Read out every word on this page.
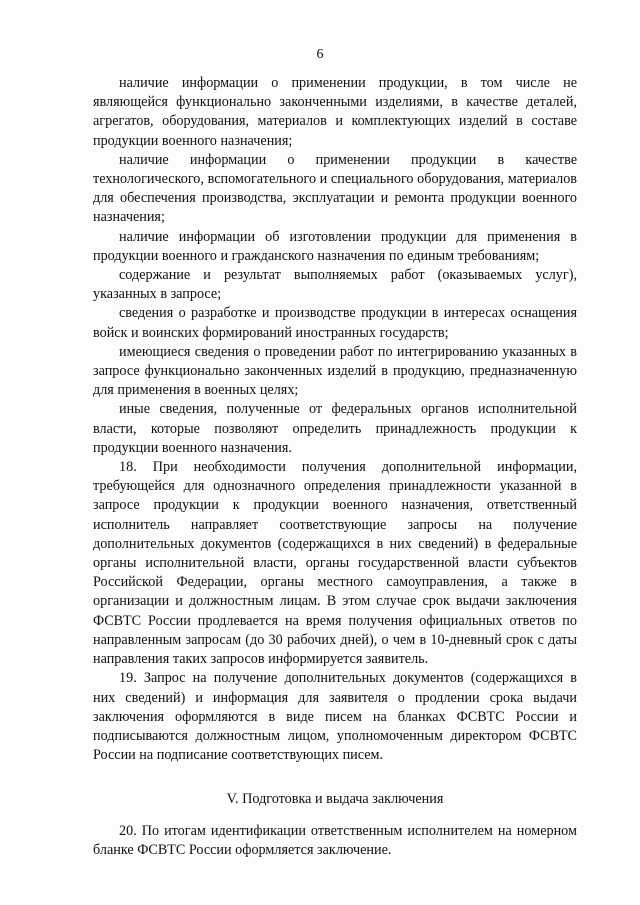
6

наличие информации о применении продукции, в том числе не являющейся функционально законченными изделиями, в качестве деталей, агрегатов, оборудования, материалов и комплектующих изделий в составе продукции военного назначения;

наличие информации о применении продукции в качестве технологического, вспомогательного и специального оборудования, материалов для обеспечения производства, эксплуатации и ремонта продукции военного назначения;

наличие информации об изготовлении продукции для применения в продукции военного и гражданского назначения по единым требованиям;

содержание и результат выполняемых работ (оказываемых услуг), указанных в запросе;

сведения о разработке и производстве продукции в интересах оснащения войск и воинских формирований иностранных государств;

имеющиеся сведения о проведении работ по интегрированию указанных в запросе функционально законченных изделий в продукцию, предназначенную для применения в военных целях;

иные сведения, полученные от федеральных органов исполнительной власти, которые позволяют определить принадлежность продукции к продукции военного назначения.

18. При необходимости получения дополнительной информации, требующейся для однозначного определения принадлежности указанной в запросе продукции к продукции военного назначения, ответственный исполнитель направляет соответствующие запросы на получение дополнительных документов (содержащихся в них сведений) в федеральные органы исполнительной власти, органы государственной власти субъектов Российской Федерации, органы местного самоуправления, а также в организации и должностным лицам. В этом случае срок выдачи заключения ФСВТС России продлевается на время получения официальных ответов по направленным запросам (до 30 рабочих дней), о чем в 10-дневный срок с даты направления таких запросов информируется заявитель.

19. Запрос на получение дополнительных документов (содержащихся в них сведений) и информация для заявителя о продлении срока выдачи заключения оформляются в виде писем на бланках ФСВТС России и подписываются должностным лицом, уполномоченным директором ФСВТС России на подписание соответствующих писем.

V. Подготовка и выдача заключения

20. По итогам идентификации ответственным исполнителем на номерном бланке ФСВТС России оформляется заключение.
